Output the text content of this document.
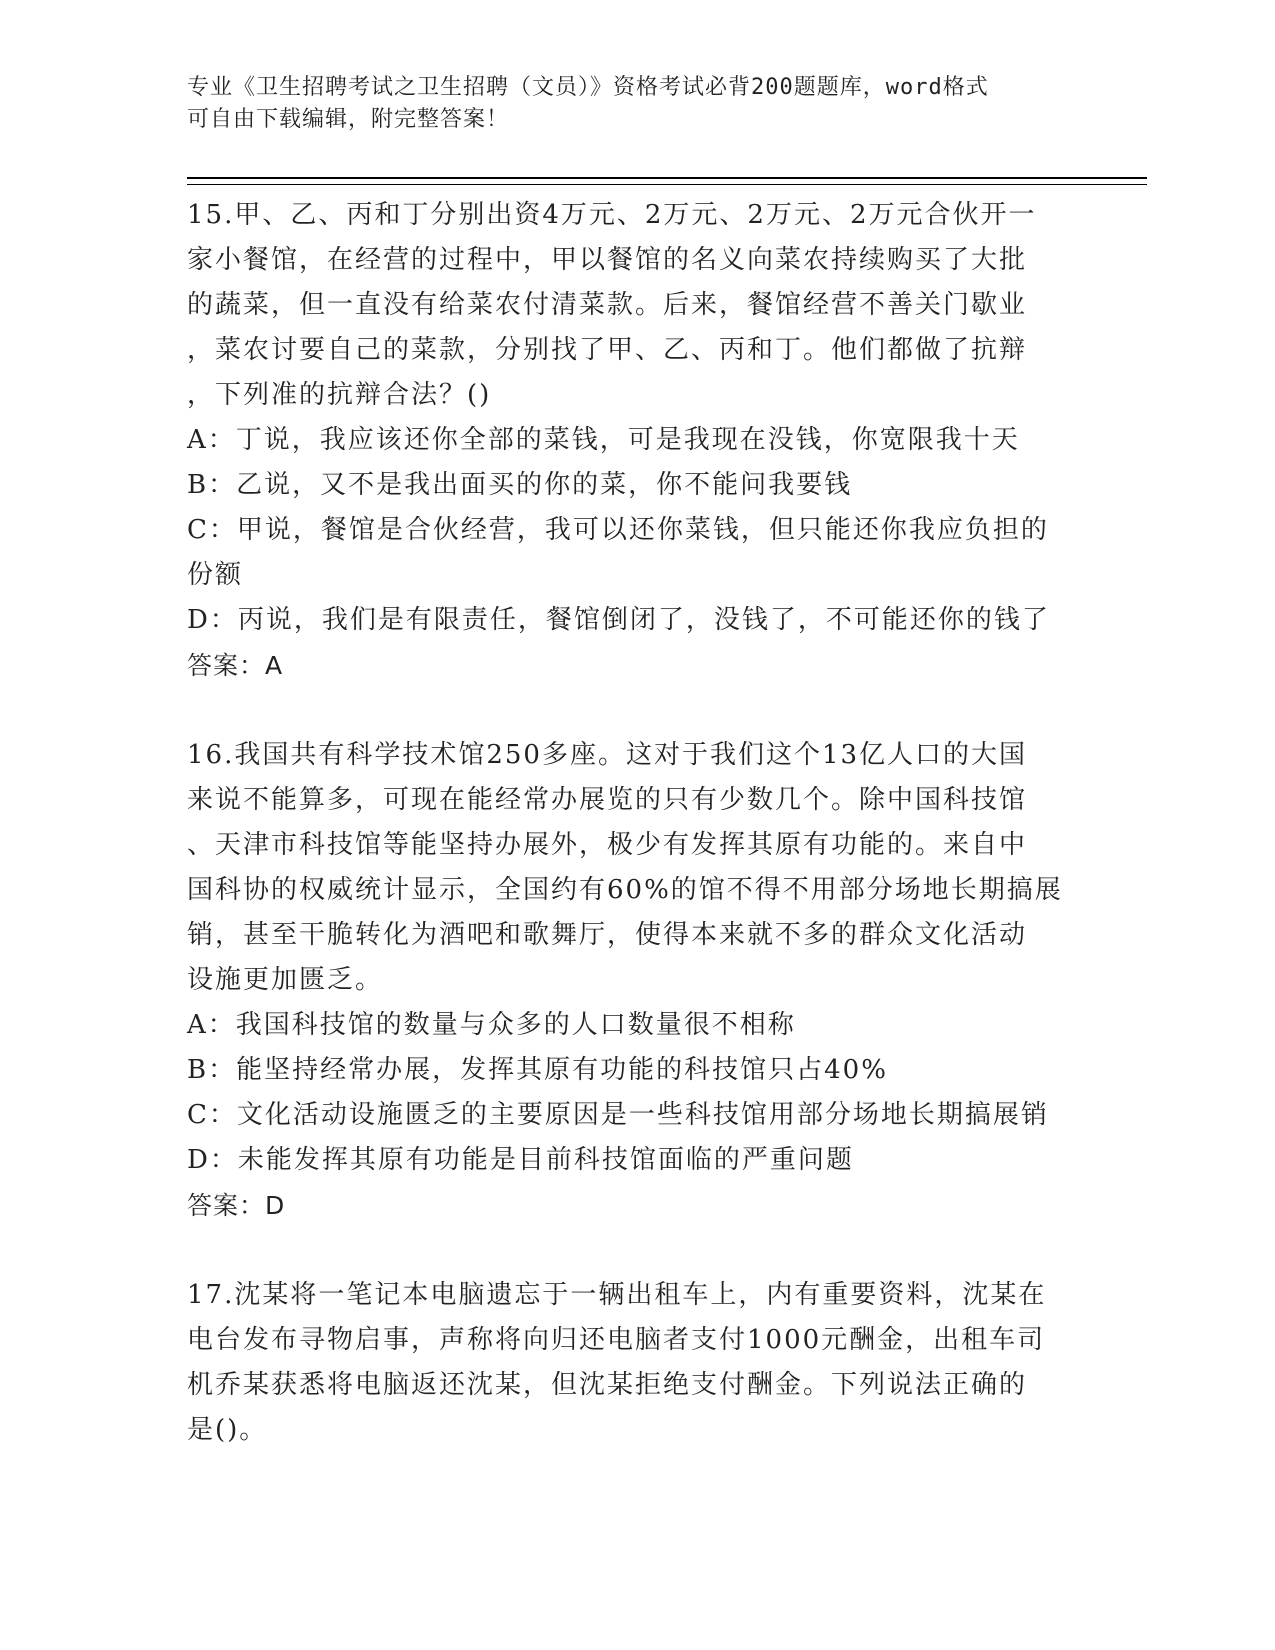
专业《卫生招聘考试之卫生招聘（文员）》资格考试必背200题题库，word格式
可自由下载编辑，附完整答案！

15.甲、乙、丙和丁分别出资4万元、2万元、2万元、2万元合伙开一
家小餐馆，在经营的过程中，甲以餐馆的名义向菜农持续购买了大批
的蔬菜，但一直没有给菜农付清菜款。后来，餐馆经营不善关门歇业
，菜农讨要自己的菜款，分别找了甲、乙、丙和丁。他们都做了抗辩
，下列准的抗辩合法？()

A：丁说，我应该还你全部的菜钱，可是我现在没钱，你宽限我十天

B：乙说，又不是我出面买的你的菜，你不能问我要钱

C：甲说，餐馆是合伙经营，我可以还你菜钱，但只能还你我应负担的
份额

D：丙说，我们是有限责任，餐馆倒闭了，没钱了，不可能还你的钱了

答案：A

16.我国共有科学技术馆250多座。这对于我们这个13亿人口的大国
来说不能算多，可现在能经常办展览的只有少数几个。除中国科技馆
、天津市科技馆等能坚持办展外，极少有发挥其原有功能的。来自中
国科协的权威统计显示，全国约有60%的馆不得不用部分场地长期搞展
销，甚至干脆转化为酒吧和歌舞厅，使得本来就不多的群众文化活动
设施更加匮乏。

A：我国科技馆的数量与众多的人口数量很不相称

B：能坚持经常办展，发挥其原有功能的科技馆只占40%

C：文化活动设施匮乏的主要原因是一些科技馆用部分场地长期搞展销

D：未能发挥其原有功能是目前科技馆面临的严重问题

答案：D

17.沈某将一笔记本电脑遗忘于一辆出租车上，内有重要资料，沈某在
电台发布寻物启事，声称将向归还电脑者支付1000元酬金，出租车司
机乔某获悉将电脑返还沈某，但沈某拒绝支付酬金。下列说法正确的
是()。
